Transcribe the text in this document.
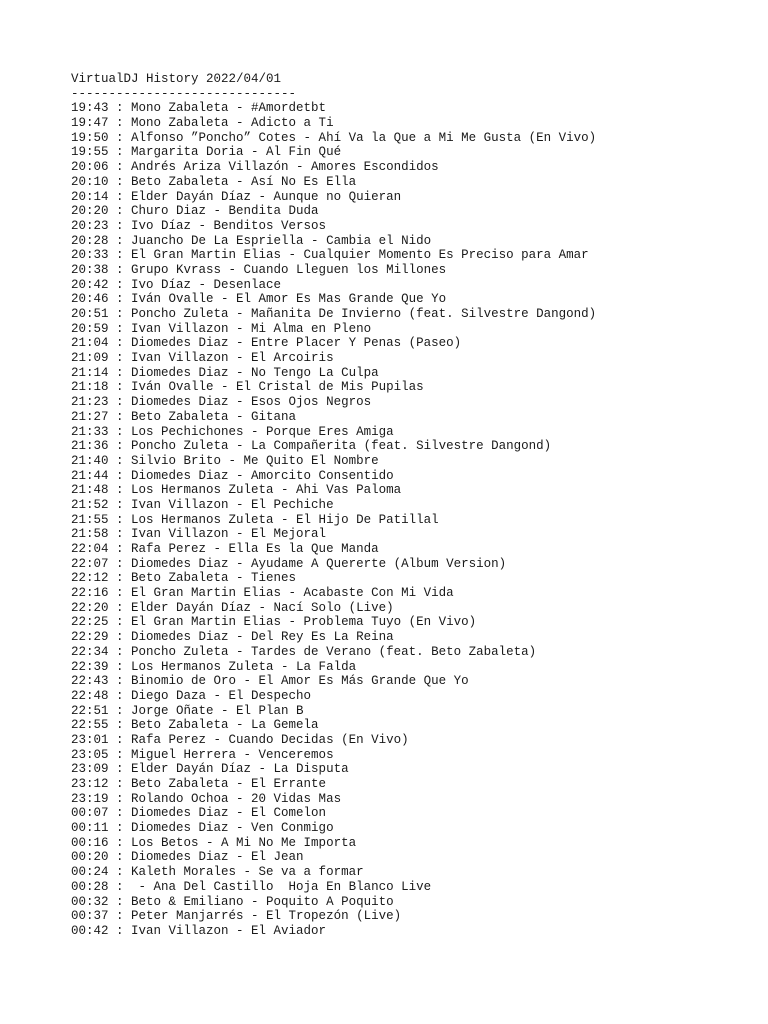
VirtualDJ History 2022/04/01
------------------------------
19:43 : Mono Zabaleta - #Amordetbt
19:47 : Mono Zabaleta - Adicto a Ti
19:50 : Alfonso ”Poncho” Cotes - Ahí Va la Que a Mi Me Gusta (En Vivo)
19:55 : Margarita Doria - Al Fin Qué
20:06 : Andrés Ariza Villazón - Amores Escondidos
20:10 : Beto Zabaleta - Así No Es Ella
20:14 : Elder Dayán Díaz - Aunque no Quieran
20:20 : Churo Diaz - Bendita Duda
20:23 : Ivo Díaz - Benditos Versos
20:28 : Juancho De La Espriella - Cambia el Nido
20:33 : El Gran Martin Elias - Cualquier Momento Es Preciso para Amar
20:38 : Grupo Kvrass - Cuando Lleguen los Millones
20:42 : Ivo Díaz - Desenlace
20:46 : Iván Ovalle - El Amor Es Mas Grande Que Yo
20:51 : Poncho Zuleta - Mañanita De Invierno (feat. Silvestre Dangond)
20:59 : Ivan Villazon - Mi Alma en Pleno
21:04 : Diomedes Diaz - Entre Placer Y Penas (Paseo)
21:09 : Ivan Villazon - El Arcoiris
21:14 : Diomedes Diaz - No Tengo La Culpa
21:18 : Iván Ovalle - El Cristal de Mis Pupilas
21:23 : Diomedes Diaz - Esos Ojos Negros
21:27 : Beto Zabaleta - Gitana
21:33 : Los Pechichones - Porque Eres Amiga
21:36 : Poncho Zuleta - La Compañerita (feat. Silvestre Dangond)
21:40 : Silvio Brito - Me Quito El Nombre
21:44 : Diomedes Diaz - Amorcito Consentido
21:48 : Los Hermanos Zuleta - Ahi Vas Paloma
21:52 : Ivan Villazon - El Pechiche
21:55 : Los Hermanos Zuleta - El Hijo De Patillal
21:58 : Ivan Villazon - El Mejoral
22:04 : Rafa Perez - Ella Es la Que Manda
22:07 : Diomedes Diaz - Ayudame A Quererte (Album Version)
22:12 : Beto Zabaleta - Tienes
22:16 : El Gran Martin Elias - Acabaste Con Mi Vida
22:20 : Elder Dayán Díaz - Nací Solo (Live)
22:25 : El Gran Martin Elias - Problema Tuyo (En Vivo)
22:29 : Diomedes Diaz - Del Rey Es La Reina
22:34 : Poncho Zuleta - Tardes de Verano (feat. Beto Zabaleta)
22:39 : Los Hermanos Zuleta - La Falda
22:43 : Binomio de Oro - El Amor Es Más Grande Que Yo
22:48 : Diego Daza - El Despecho
22:51 : Jorge Oñate - El Plan B
22:55 : Beto Zabaleta - La Gemela
23:01 : Rafa Perez - Cuando Decidas (En Vivo)
23:05 : Miguel Herrera - Venceremos
23:09 : Elder Dayán Díaz - La Disputa
23:12 : Beto Zabaleta - El Errante
23:19 : Rolando Ochoa - 20 Vidas Mas
00:07 : Diomedes Diaz - El Comelon
00:11 : Diomedes Diaz - Ven Conmigo
00:16 : Los Betos - A Mi No Me Importa
00:20 : Diomedes Diaz - El Jean
00:24 : Kaleth Morales - Se va a formar
00:28 :  - Ana Del Castillo  Hoja En Blanco Live
00:32 : Beto & Emiliano - Poquito A Poquito
00:37 : Peter Manjarrés - El Tropezón (Live)
00:42 : Ivan Villazon - El Aviador
